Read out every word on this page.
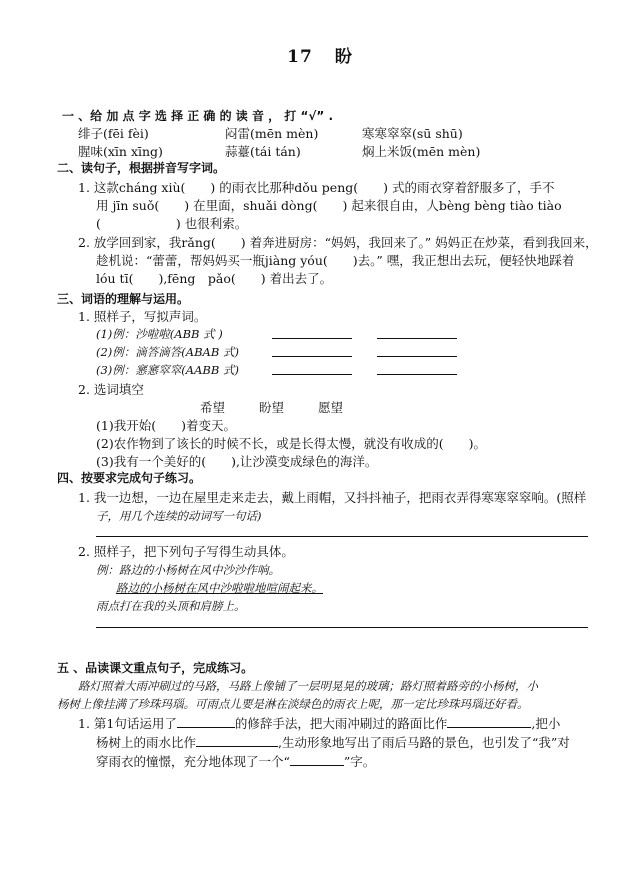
17 盼
一 、给 加 点 字 选 择 正 确 的 读 音 ， 打 “√” .
绯子(fēi fèi)	闷雷(mēn mèn)	寒寒窣窣(sū shū)
腥味(xīn xīng)	蒜薹(tái tán)	焖上米饭(mēn mèn)
二、读句子，根据拼音写字词。
1. 这款cháng xiù(　　) 的雨衣比那种dǒu peng(　　) 式的雨衣穿着舒服多了，手不
用 jīn suǒ(　　) 在里面，shuǎi dòng(　　) 起来很自由，人bèng bèng tiào tiào
(　　　　　　) 也很利索。
2. 放学回到家，我rǎng(　　) 着奔进厨房：“妈妈，我回来了。” 妈妈正在炒菜，看到我回来，
趁机说：“蕾蕾，帮妈妈买一瓶jiàng yóu(　　)去。” 嘿，我正想出去玩，便轻快地踩着
lóu tī(　　),fēng　pǎo(　　) 着出去了。
三、词语的理解与运用。
1. 照样子，写拟声词。
(1)例：沙啦啦(ABB 式 )
(2)例：滴答滴答(ABAB 式)
(3)例：窸窸窣窣(AABB 式)
2. 选词填空
希望	盼望	愿望
(1)我开始(　　)着变天。
(2)农作物到了该长的时候不长，或是长得太慢，就没有收成的(　　)。
(3)我有一个美好的(　　),让沙漠变成绿色的海洋。
四、按要求完成句子练习。
1. 我一边想，一边在屋里走来走去，戴上雨帽，又抖抖袖子，把雨衣弄得寒寒窣窣响。(照样
子，用几个连续的动词写一句话)
2. 照样子，把下列句子写得生动具体。
例：路边的小杨树在风中沙沙作响。
路边的小杨树在风中沙啦啦地喧闹起来。
雨点打在我的头顶和肩膀上。
五 、品读课文重点句子，完成练习。
路灯照着大雨冲刷过的马路，马路上像铺了一层明晃晃的玻璃；路灯照着路旁的小杨树，小
杨树上像挂满了珍珠玛瑙。可雨点儿要是淋在淡绿色的雨衣上呢，那一定比珍珠玛瑙还好看。
1. 第1句话运用了	的修辞手法，把大雨冲刷过的路面比作	,把小
杨树上的雨水比作	,生动形象地写出了雨后马路的景色，也引发了“我”对
穿雨衣的憧憬，充分地体现了一个“	”字。
